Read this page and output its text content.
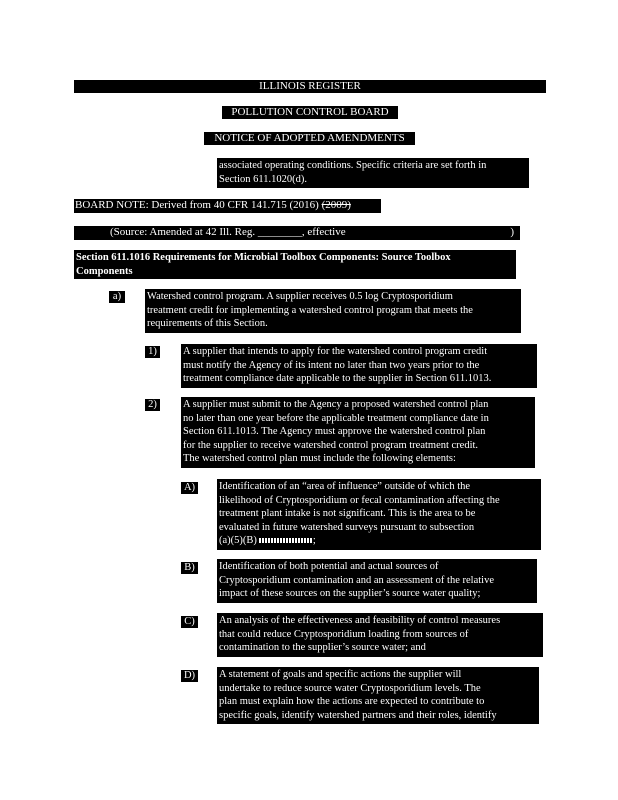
ILLINOIS REGISTER
POLLUTION CONTROL BOARD
NOTICE OF ADOPTED AMENDMENTS
associated operating conditions. Specific criteria are set forth in
Section 611.1020(d).
BOARD NOTE: Derived from 40 CFR 141.715 (2016) (2009)
(Source: Amended at 42 Ill. Reg. ________, effective	)
Section 611.1016 Requirements for Microbial Toolbox Components: Source Toolbox
Components
a)	Watershed control program. A supplier receives 0.5 log Cryptosporidium
treatment credit for implementing a watershed control program that meets the
requirements of this Section.
1) A supplier that intends to apply for the watershed control program credit
must notify the Agency of its intent no later than two years prior to the
treatment compliance date applicable to the supplier in Section 611.1013.
2) A supplier must submit to the Agency a proposed watershed control plan
no later than one year before the applicable treatment compliance date in
Section 611.1013. The Agency must approve the watershed control plan
for the supplier to receive watershed control program treatment credit.
The watershed control plan must include the following elements:
A) Identification of an “area of influence” outside of which the
likelihood of Cryptosporidium or fecal contamination affecting the
treatment plant intake is not significant. This is the area to be
evaluated in future watershed surveys pursuant to subsection
(a)(5)(B)	;
B)	Identification of both potential and actual sources of
Cryptosporidium contamination and an assessment of the relative
impact of these sources on the supplier’s source water quality;
C)	An analysis of the effectiveness and feasibility of control measures
that could reduce Cryptosporidium loading from sources of
contamination to the supplier’s source water; and
D) A statement of goals and specific actions the supplier will
undertake to reduce source water Cryptosporidium levels. The
plan must explain how the actions are expected to contribute to
specific goals, identify watershed partners and their roles, identify
